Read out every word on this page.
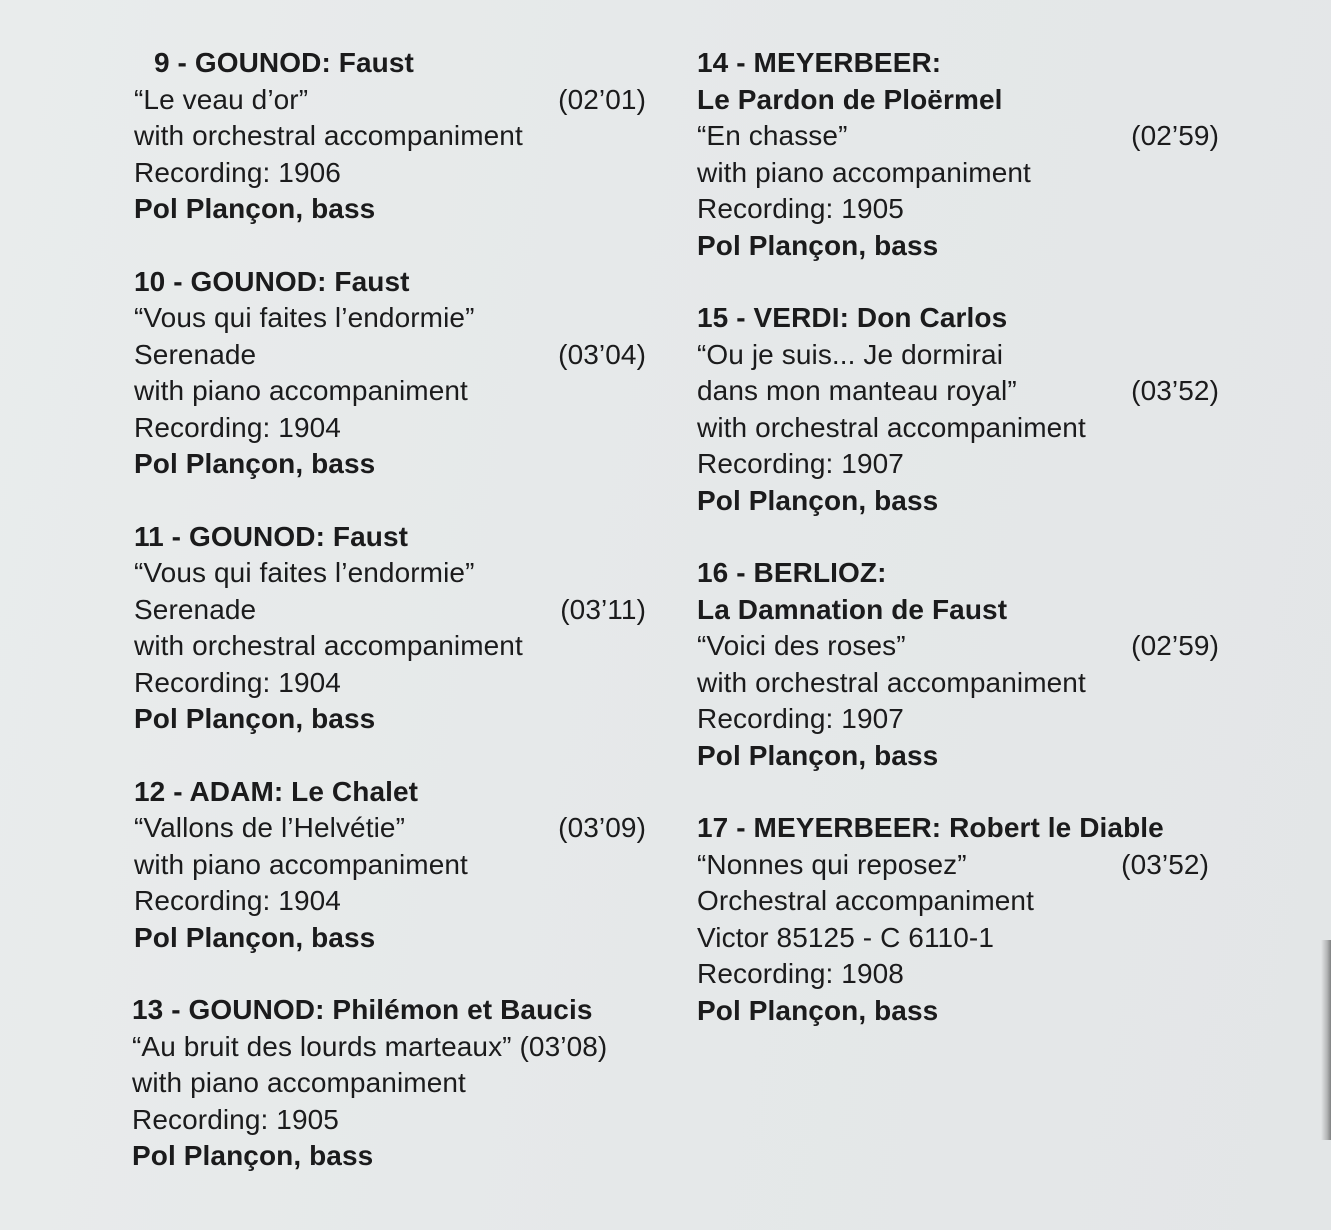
9 - GOUNOD: Faust
“Le veau d’or”	(02’01)
with orchestral accompaniment
Recording: 1906
Pol Plançon, bass
10 - GOUNOD: Faust
“Vous qui faites l’endormie”
Serenade	(03’04)
with piano accompaniment
Recording: 1904
Pol Plançon, bass
11 - GOUNOD: Faust
“Vous qui faites l’endormie”
Serenade	(03’11)
with orchestral accompaniment
Recording: 1904
Pol Plançon, bass
12 - ADAM: Le Chalet
“Vallons de l’Helvétie”	(03’09)
with piano accompaniment
Recording: 1904
Pol Plançon, bass
13 - GOUNOD: Philémon et Baucis
“Au bruit des lourds marteaux” (03’08)
with piano accompaniment
Recording: 1905
Pol Plançon, bass
14 - MEYERBEER:
Le Pardon de Ploërmel
“En chasse”	(02’59)
with piano accompaniment
Recording: 1905
Pol Plançon, bass
15 - VERDI: Don Carlos
“Ou je suis... Je dormirai
dans mon manteau royal”	(03’52)
with orchestral accompaniment
Recording: 1907
Pol Plançon, bass
16 - BERLIOZ:
La Damnation de Faust
“Voici des roses”	(02’59)
with orchestral accompaniment
Recording: 1907
Pol Plançon, bass
17 - MEYERBEER: Robert le Diable
“Nonnes qui reposez”	(03’52)
Orchestral accompaniment
Victor 85125 - C 6110-1
Recording: 1908
Pol Plançon, bass
